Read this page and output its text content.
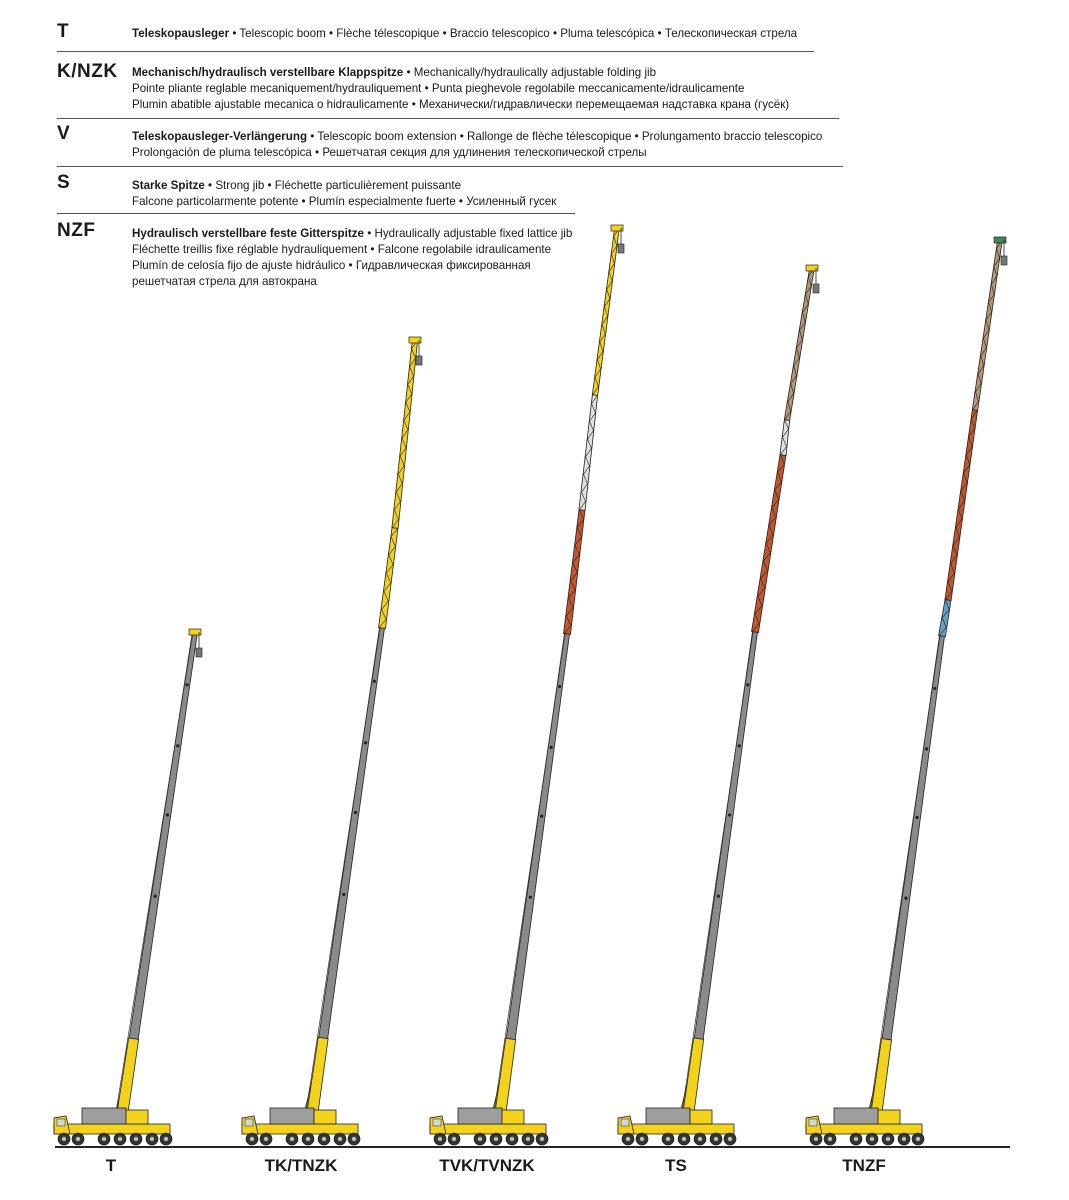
T	Teleskopausleger • Telescopic boom • Flèche télescopique • Braccio telescopico • Pluma telescópica • Телескопическая стрела
K/NZK Mechanisch/hydraulisch verstellbare Klappspitze • Mechanically/hydraulically adjustable folding jib
Pointe pliante reglable mecaniquement/hydrauliquement • Punta pieghevole regolabile meccanicamente/idraulicamente
Plumin abatible ajustable mecanica o hidraulicamente • Механически/гидравлически перемещаемая надставка крана (гусёк)
V	Teleskopausleger-Verlängerung • Telescopic boom extension • Rallonge de flèche télescopique • Prolungamento braccio telescopico
Prolongación de pluma telescópica • Решетчатая секция для удлинения телескопической стрелы
S	Starke Spitze • Strong jib • Fléchette particulièrement puissante
Falcone particolarmente potente • Plumín especialmente fuerte • Усиленный гусек
NZF	Hydraulisch verstellbare feste Gitterspitze • Hydraulically adjustable fixed lattice jib
Fléchette treillis fixe réglable hydrauliquement • Falcone regolabile idraulicamente
Plumín de celosía fijo de ajuste hidráulico • Гидравлическая фиксированная
решетчатая стрела для автокрана
T	TK/TNZK	TVK/TVNZK	TS	TNZF
